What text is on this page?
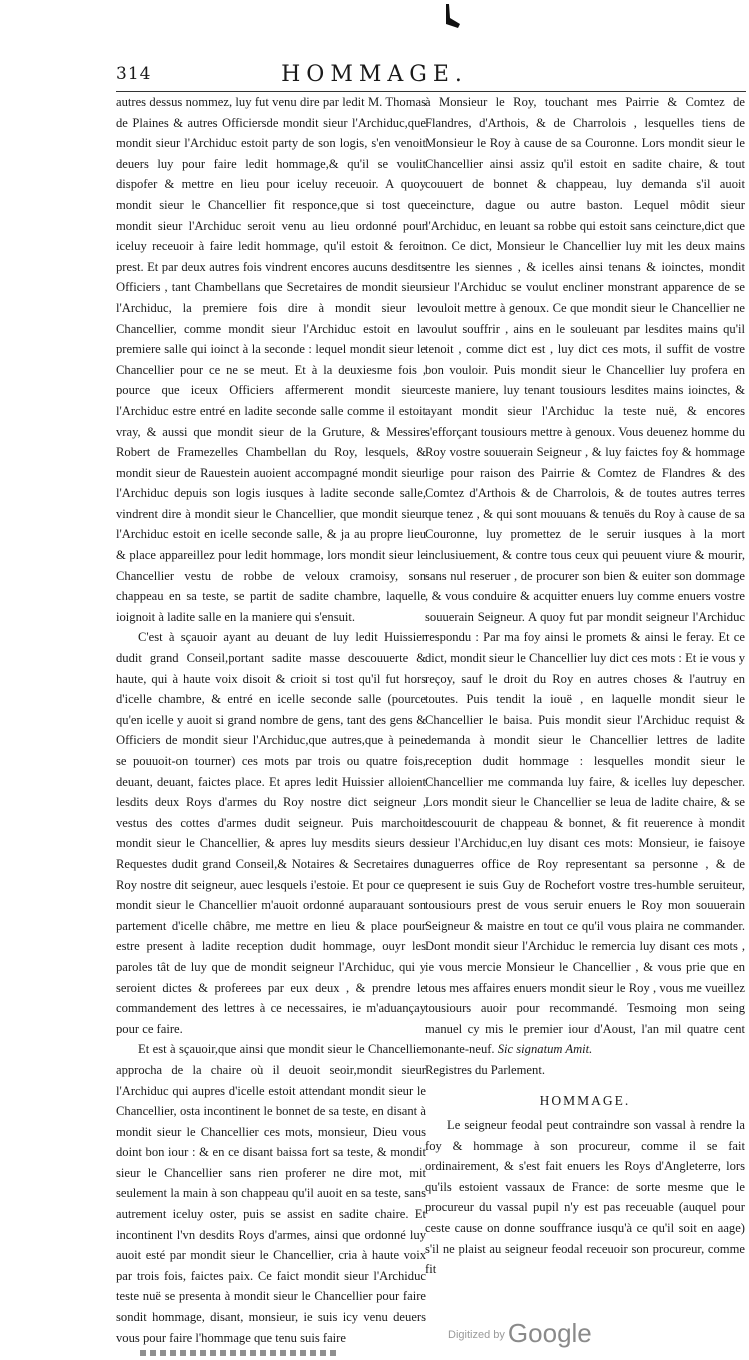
314	HOMMAGE.

autres dessus nommez, luy fut venu dire par ledit M. Thomas de Plaines & autres Officiersde mondit sieur l'Archiduc,que mondit sieur l'Archiduc estoit party de son logis, s'en venoit deuers luy pour faire ledit hommage,& qu'il se voulit dispofer & mettre en lieu pour iceluy receuoir. A quoy mondit sieur le Chancellier fit responce,que si tost que mondit sieur l'Archiduc seroit venu au lieu ordonné pour iceluy receuoir à faire ledit hommage, qu'il estoit & feroit prest. Et par deux autres fois vindrent encores aucuns desdits Officiers , tant Chambellans que Secretaires de mondit sieur l'Archiduc, la premiere fois dire à mondit sieur le Chancellier, comme mondit sieur l'Archiduc estoit en la premiere salle qui ioinct à la seconde : lequel mondit sieur le Chancellier pour ce ne se meut. Et à la deuxiesme fois , pource que iceux Officiers affermerent mondit sieur l'Archiduc estre entré en ladite seconde salle comme il estoit vray, & aussi que mondit sieur de la Gruture, & Messire Robert de Framezelles Chambellan du Roy, lesquels, & mondit sieur de Rauestein auoient accompagné mondit sieur l'Archiduc depuis son logis iusques à ladite seconde salle, vindrent dire à mondit sieur le Chancellier, que mondit sieur l'Archiduc estoit en icelle seconde salle, & ja au propre lieu & place appareillez pour ledit hommage, lors mondit sieur le Chancellier vestu de robbe de veloux cramoisy, son chappeau en sa teste, se partit de sadite chambre, laquelle ioignoit à ladite salle en la maniere qui s'ensuit.

C'est à sçauoir ayant au deuant de luy ledit Huissier dudit grand Conseil,portant sadite masse descouuerte & haute, qui à haute voix disoit & crioit si tost qu'il fut hors d'icelle chambre, & entré en icelle seconde salle (pource qu'en icelle y auoit si grand nombre de gens, tant des gens & Officiers de mondit sieur l'Archiduc,que autres,que à peine se pouuoit-on tourner) ces mots par trois ou quatre fois, deuant, deuant, faictes place. Et apres ledit Huissier alloient lesdits deux Roys d'armes du Roy nostre dict seigneur , vestus des cottes d'armes dudit seigneur. Puis marchoit mondit sieur le Chancellier, & apres luy mesdits sieurs des Requestes dudit grand Conseil,& Notaires & Secretaires du Roy nostre dit seigneur, auec lesquels i'estoie. Et pour ce que mondit sieur le Chancellier m'auoit ordonné auparauant son partement d'icelle châbre, me mettre en lieu & place pour estre present à ladite reception dudit hommage, ouyr les paroles tât de luy que de mondit seigneur l'Archiduc, qui y seroient dictes & proferees par eux deux , & prendre le commandement des lettres à ce necessaires, ie m'aduançay pour ce faire.

Et est à sçauoir,que ainsi que mondit sieur le Chancellier approcha de la chaire où il deuoit seoir,mondit sieur l'Archiduc qui aupres d'icelle estoit attendant mondit sieur le Chancellier, osta incontinent le bonnet de sa teste, en disant à mondit sieur le Chancellier ces mots, monsieur, Dieu vous doint bon iour : & en ce disant baissa fort sa teste, & mondit sieur le Chancellier sans rien proferer ne dire mot, mit seulement la main à son chappeau qu'il auoit en sa teste, sans autrement iceluy oster, puis se assist en sadite chaire. Et incontinent l'vn desdits Roys d'armes, ainsi que ordonné luy auoit esté par mondit sieur le Chancellier, cria à haute voix par trois fois, faictes paix. Ce faict mondit sieur l'Archiduc teste nuë se presenta à mondit sieur le Chancellier pour faire sondit hommage, disant, monsieur, ie suis icy venu deuers vous pour faire l'hommage que tenu suis faire

à Monsieur le Roy, touchant mes Pairrie & Comtez de Flandres, d'Arthois, & de Charrolois , lesquelles tiens de Monsieur le Roy à cause de sa Couronne. Lors mondit sieur le Chancellier ainsi assiz qu'il estoit en sadite chaire, & tout couuert de bonnet & chappeau, luy demanda s'il auoit ceincture, dague ou autre baston. Lequel môdit sieur l'Archiduc, en leuant sa robbe qui estoit sans ceincture,dict que non. Ce dict, Monsieur le Chancellier luy mit les deux mains entre les siennes , & icelles ainsi tenans & ioinctes, mondit sieur l'Archiduc se voulut encliner monstrant apparence de se vouloit mettre à genoux. Ce que mondit sieur le Chancellier ne voulut souffrir , ains en le souleuant par lesdites mains qu'il tenoit , comme dict est , luy dict ces mots, il suffit de vostre bon vouloir. Puis mondit sieur le Chancellier luy profera en ceste maniere, luy tenant tousiours lesdites mains ioinctes, & ayant mondit sieur l'Archiduc la teste nuë, & encores s'efforçant tousiours mettre à genoux. Vous deuenez homme du Roy vostre souuerain Seigneur , & luy faictes foy & hommage lige pour raison des Pairrie & Comtez de Flandres & des Comtez d'Arthois & de Charrolois, & de toutes autres terres que tenez , & qui sont mouuans & tenuës du Roy à cause de sa Couronne, luy promettez de le seruir iusques à la mort inclusiuement, & contre tous ceux qui peuuent viure & mourir, sans nul reseruer , de procurer son bien & euiter son dommage , & vous conduire & acquitter enuers luy comme enuers vostre souuerain Seigneur. A quoy fut par mondit seigneur l'Archiduc respondu : Par ma foy ainsi le promets & ainsi le feray. Et ce dict, mondit sieur le Chancellier luy dict ces mots : Et ie vous y reçoy, sauf le droit du Roy en autres choses & l'autruy en toutes. Puis tendit la iouë , en laquelle mondit sieur le Chancellier le baisa. Puis mondit sieur l'Archiduc requist & demanda à mondit sieur le Chancellier lettres de ladite reception dudit hommage : lesquelles mondit sieur le Chancellier me commanda luy faire, & icelles luy depescher. Lors mondit sieur le Chancellier se leua de ladite chaire, & se descouurit de chappeau & bonnet, & fit reuerence à mondit sieur l'Archiduc,en luy disant ces mots: Monsieur, ie faisoye naguerres office de Roy representant sa personne , & de present ie suis Guy de Rochefort vostre tres-humble seruiteur, tousiours prest de vous seruir enuers le Roy mon souuerain Seigneur & maistre en tout ce qu'il vous plaira ne commander. Dont mondit sieur l'Archiduc le remercia luy disant ces mots , ie vous mercie Monsieur le Chancellier , & vous prie que en tous mes affaires enuers mondit sieur le Roy , vous me vueillez tousiours auoir pour recommandé. Tesmoing mon seing manuel cy mis le premier iour d'Aoust, l'an mil quatre cent nonante-neuf. Sic signatum Amit.

Registres du Parlement.

HOMMAGE.

Le seigneur feodal peut contraindre son vassal à rendre la foy & hommage à son procureur, comme il se fait ordinairement, & s'est fait enuers les Roys d'Angleterre, lors qu'ils estoient vassaux de France: de sorte mesme que le procureur du vassal pupil n'y est pas receuable (auquel pour ceste cause on donne souffrance iusqu'à ce qu'il soit en aage) s'il ne plaist au seigneur feodal receuoir son procureur, comme fit

Digitized by Google
